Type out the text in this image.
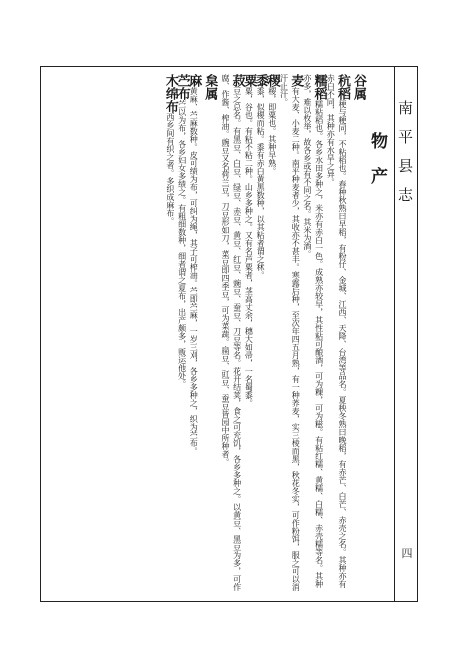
南平县志
四
物产
谷属
秔稻稉与粳同，不粘稻也。春种秋熟曰早稻，有粉仔、金城、江西、天降、台湾等品名。夏秧冬熟曰晚稻，有赤芒、白芒、赤壳之名。其种亦有赤白不同，其种亦有水旱之异。
糯稻糯粘稻也。各乡水田多种之，米亦有赤白一色。成熟亦较早，其性粘可酿酒，可为粿，可为糍。有粘红糯、黄糯、白糯、赤壳糯等名。其种亦多，难以枚举，故各乡或有不同之名。其米为酒。
麦有大麦、小麦二种。南平种麦者少，其收亦不甚丰。寒露后种，至次年四五月熟，有一种荞麦，实三棱而黑，秋花冬实，可作粉饵，服之可以消汗止汗。
稷稷，即粟也。其种早熟。
黍黍，似稷而粘。黍有赤白黄黑数种，以其粘者谓之秫。
粟粟，谷也。有粘不粘二种。山乡多种之。又有名芦粟者，茎高丈余，穗大如帚，一名蜀黍。
菽豆之总名。有黑豆、白豆、绿豆、赤豆、黄豆、红豆、豌豆、蚕豆、刀豆等名。花开结荚，食之可充饥，各乡多种之。以黄豆、黑豆为多，可作腐、作酱、榨油。豌豆又名荷兰豆，刀豆形如刀，菜豆即四季豆，可为菜蔬。扁豆、豇豆、蚕豆皆园中所种者。
枲属
麻黄麻、苎麻数种。皮可绩为布，可纠为绳，其子可榨油。苎即苎麻，一岁三刈，各乡多种之，织为苎布。
苎布苎以为布，各乡妇女多绩之。有粗细数种，细者谓之夏布，出产颇多，贩运他处。
木绵布西乡间有织之者。多织成麻布。
